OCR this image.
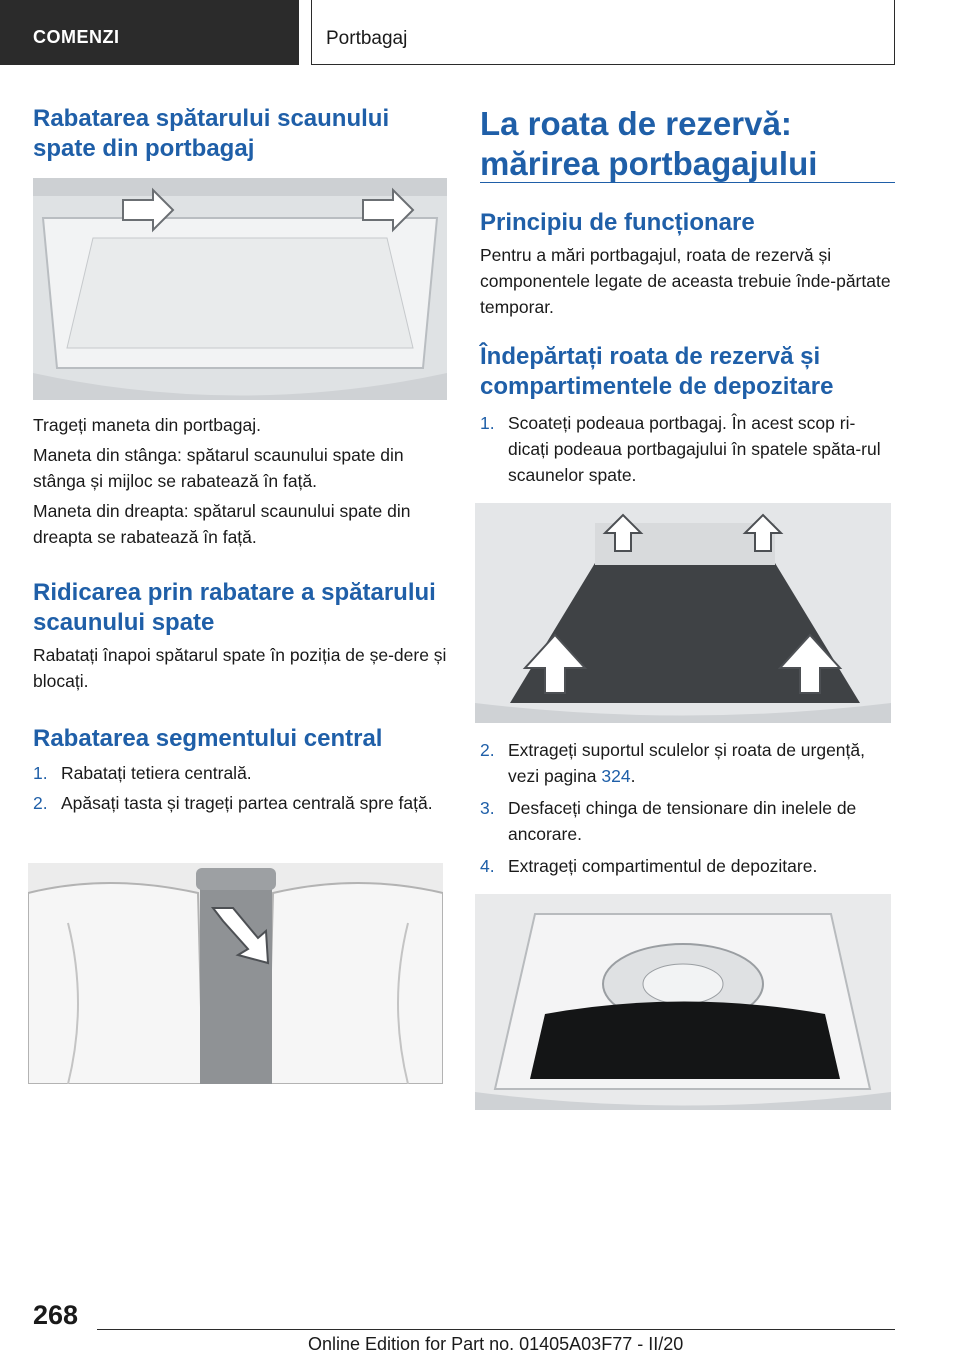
COMENZI	Portbagaj
Rabatarea spătarului scaunului spate din portbagaj

Trageți maneta din portbagaj.

Maneta din stânga: spătarul scaunului spate din stânga și mijloc se rabatează în față.

Maneta din dreapta: spătarul scaunului spate din dreapta se rabatează în față.

Ridicarea prin rabatare a spătarului scaunului spate

Rabatați înapoi spătarul spate în poziția de șe-dere și blocați.

Rabatarea segmentului central
1. Rabatați tetiera centrală.
2. Apăsați tasta și trageți partea centrală spre față.
La roata de rezervă: mărirea portbagajului
Principiu de funcționare

Pentru a mări portbagajul, roata de rezervă și componentele legate de aceasta trebuie înde-părtate temporar.

Îndepărtați roata de rezervă și compartimentele de depozitare
1. Scoateți podeaua portbagaj. În acest scop ri-dicați podeaua portbagajului în spatele spăta-rul scaunelor spate.
2. Extrageți suportul sculelor și roata de urgență, vezi pagina 324.
3. Desfaceți chinga de tensionare din inelele de ancorare.
4. Extrageți compartimentul de depozitare.
268
Online Edition for Part no. 01405A03F77 - II/20
